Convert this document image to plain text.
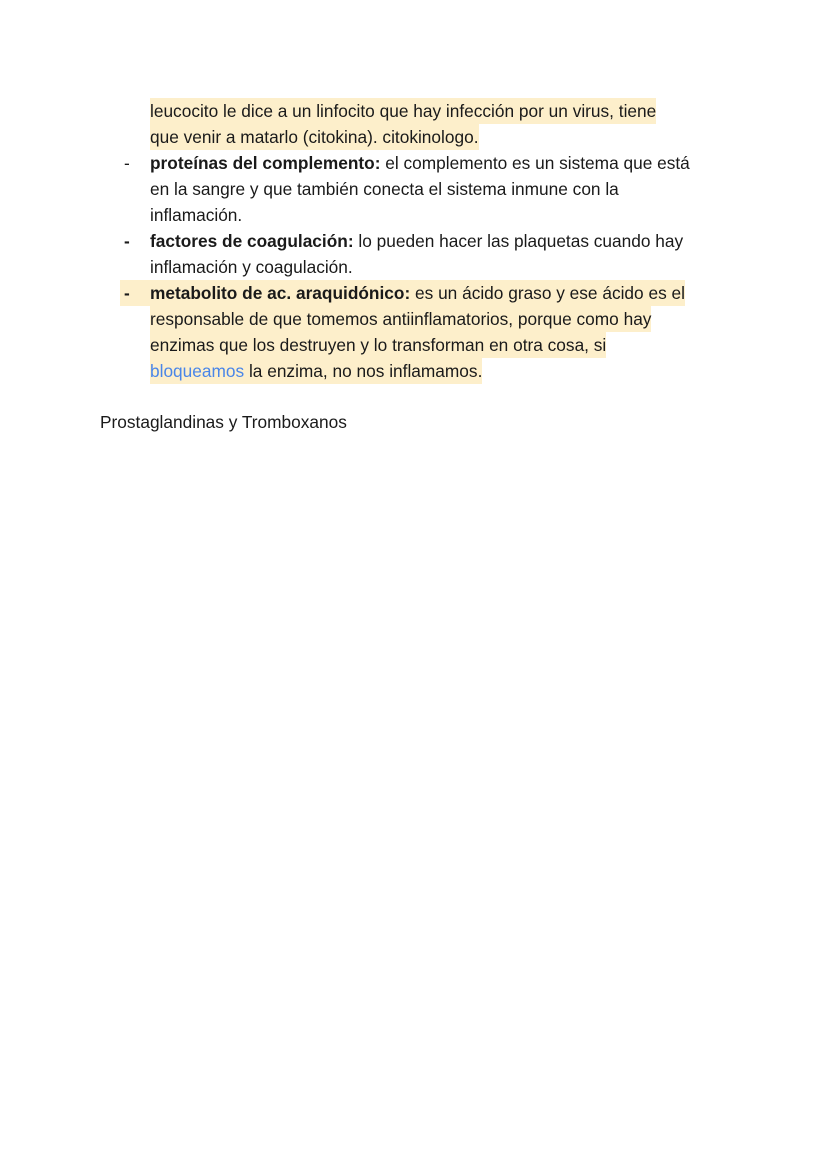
leucocito le dice a un linfocito que hay infección por un virus, tiene
que venir a matarlo (citokina). citokinologo.
- proteínas del complemento: el complemento es un sistema que está
en la sangre y que también conecta el sistema inmune con la
inflamación.
- factores de coagulación: lo pueden hacer las plaquetas cuando hay
inflamación y coagulación.
- metabolito de ac. araquidónico: es un ácido graso y ese ácido es el
responsable de que tomemos antiinflamatorios, porque como hay
enzimas que los destruyen y lo transforman en otra cosa, si
bloqueamos la enzima, no nos inflamamos.
Prostaglandinas y Tromboxanos
